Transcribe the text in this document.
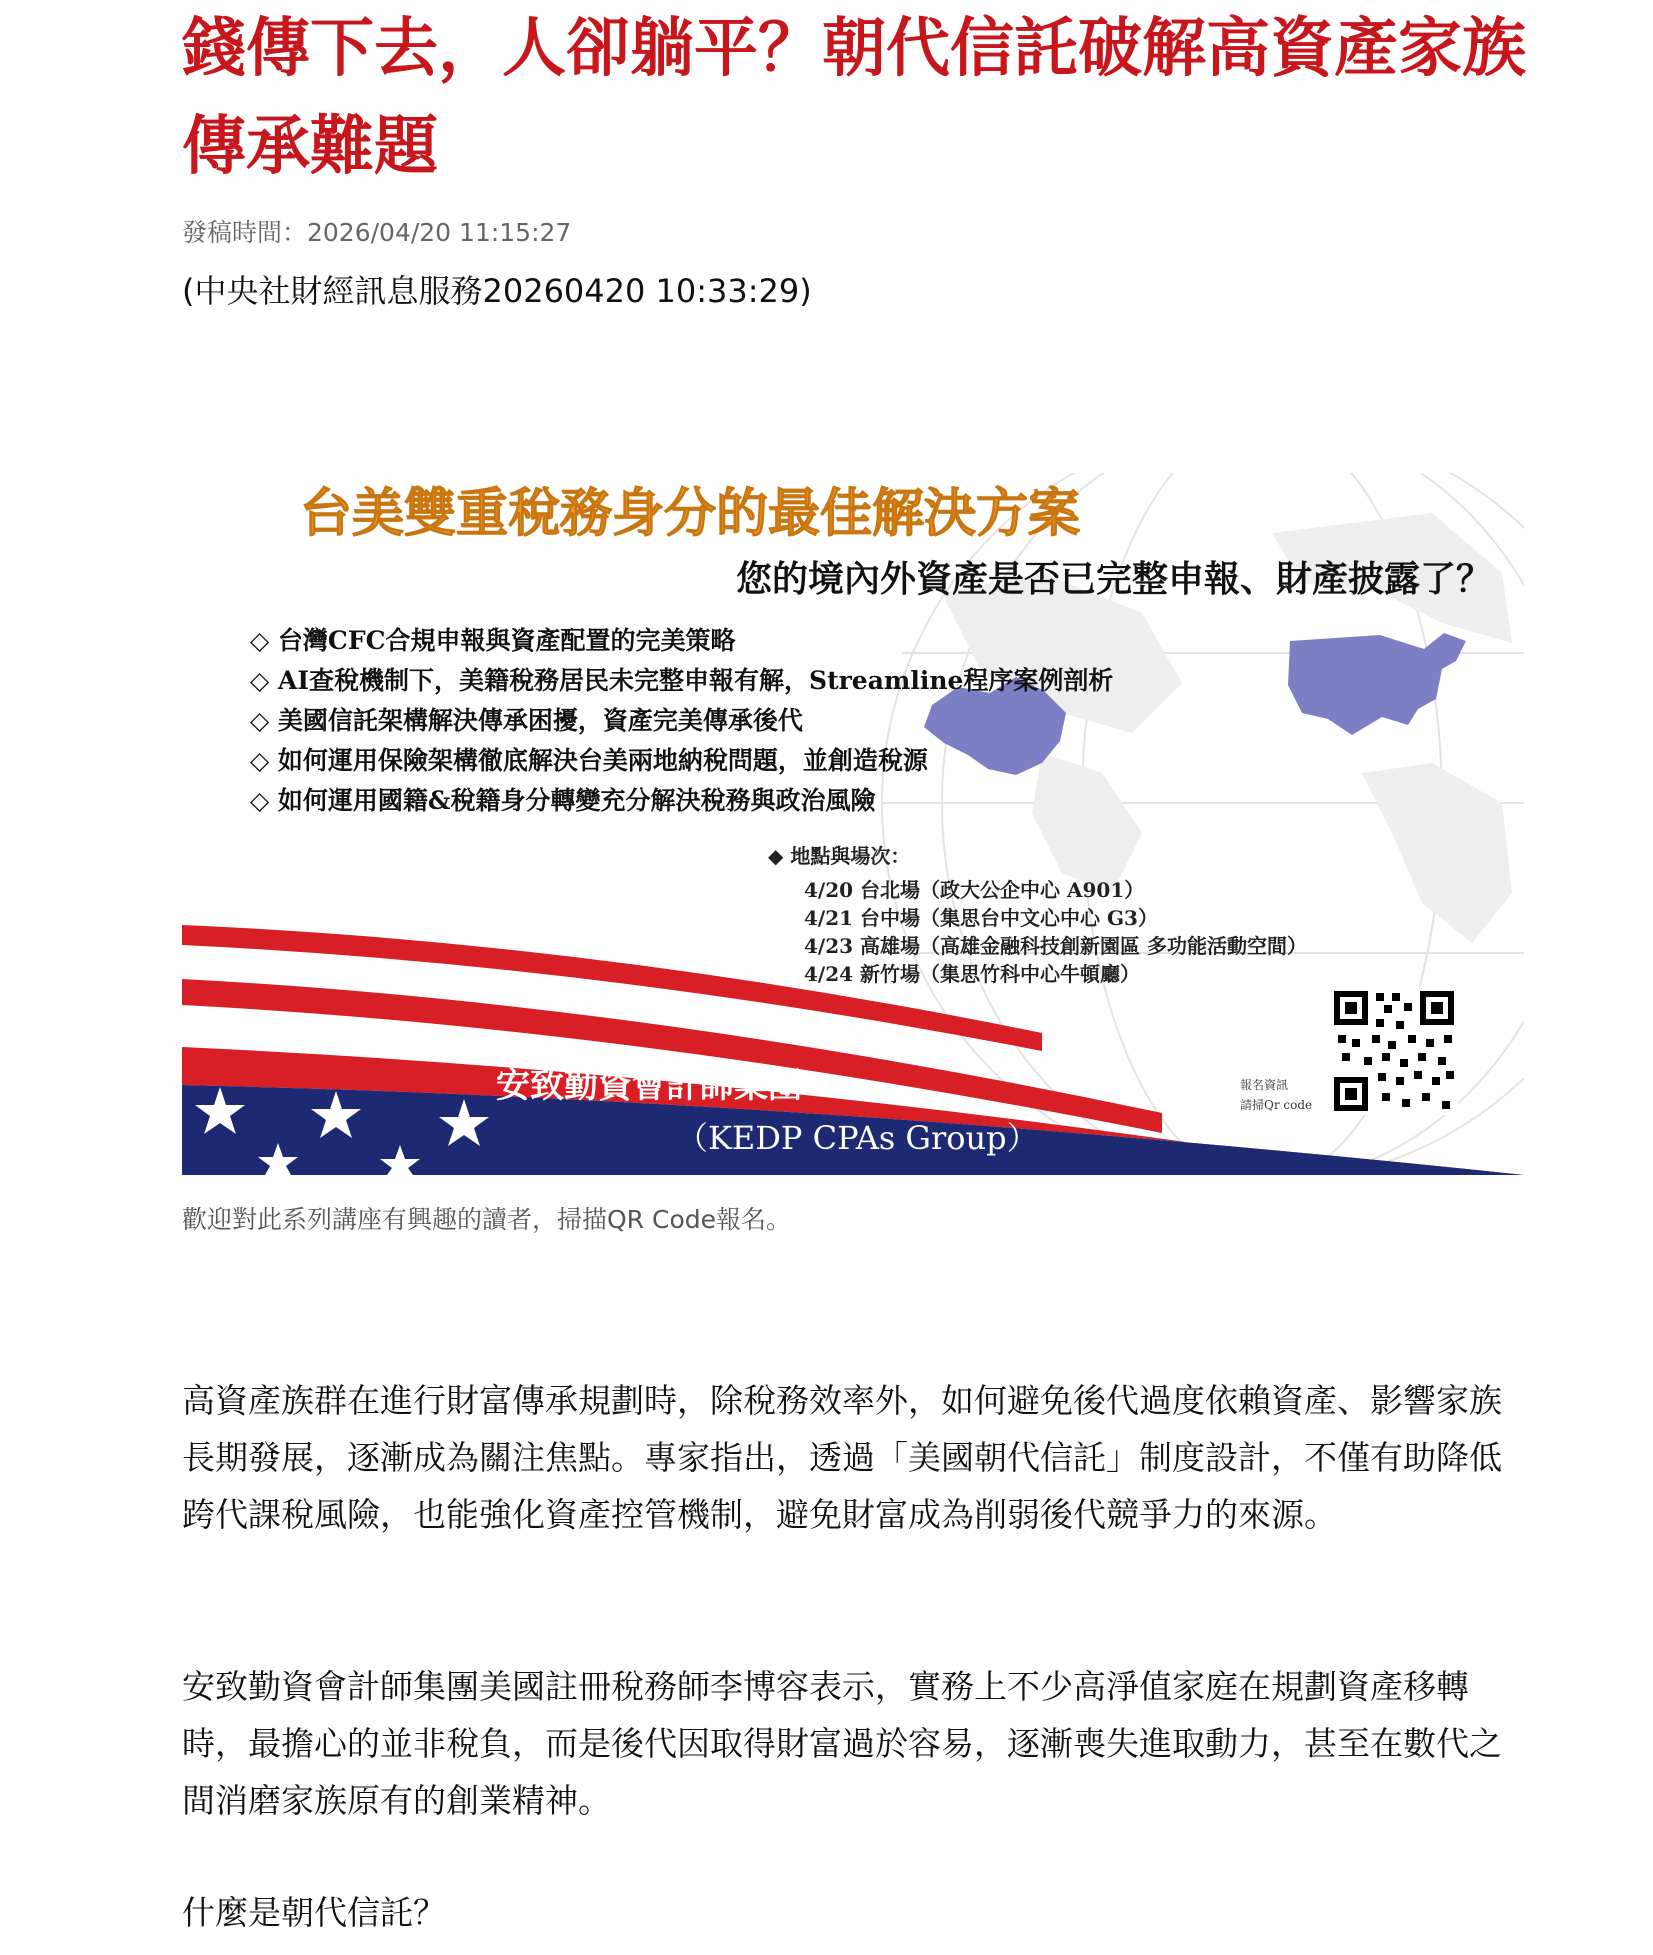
錢傳下去，人卻躺平？朝代信託破解高資產家族傳承難題
發稿時間：2026/04/20 11:15:27
(中央社財經訊息服務20260420 10:33:29)
台美雙重稅務身分的最佳解決方案
您的境內外資產是否已完整申報、財產披露了？
◇ 台灣CFC合規申報與資產配置的完美策略
◇ AI查稅機制下，美籍稅務居民未完整申報有解，Streamline程序案例剖析
◇ 美國信託架構解決傳承困擾，資產完美傳承後代
◇ 如何運用保險架構徹底解決台美兩地納稅問題，並創造稅源
◇ 如何運用國籍&稅籍身分轉變充分解決稅務與政治風險
◆ 地點與場次：
4/20 台北場（政大公企中心 A901）
4/21 台中場（集思台中文心中心 G3）
4/23 高雄場（高雄金融科技創新園區 多功能活動空間）
4/24 新竹場（集思竹科中心牛頓廳）
安致勤資會計師集團
（KEDP CPAs Group）
報名資訊
請掃Qr code
歡迎對此系列講座有興趣的讀者，掃描QR Code報名。

高資產族群在進行財富傳承規劃時，除稅務效率外，如何避免後代過度依賴資產、影響家族長期發展，逐漸成為關注焦點。專家指出，透過「美國朝代信託」制度設計，不僅有助降低跨代課稅風險，也能強化資產控管機制，避免財富成為削弱後代競爭力的來源。

安致勤資會計師集團美國註冊稅務師李博容表示，實務上不少高淨值家庭在規劃資產移轉時，最擔心的並非稅負，而是後代因取得財富過於容易，逐漸喪失進取動力，甚至在數代之間消磨家族原有的創業精神。

什麼是朝代信託？
